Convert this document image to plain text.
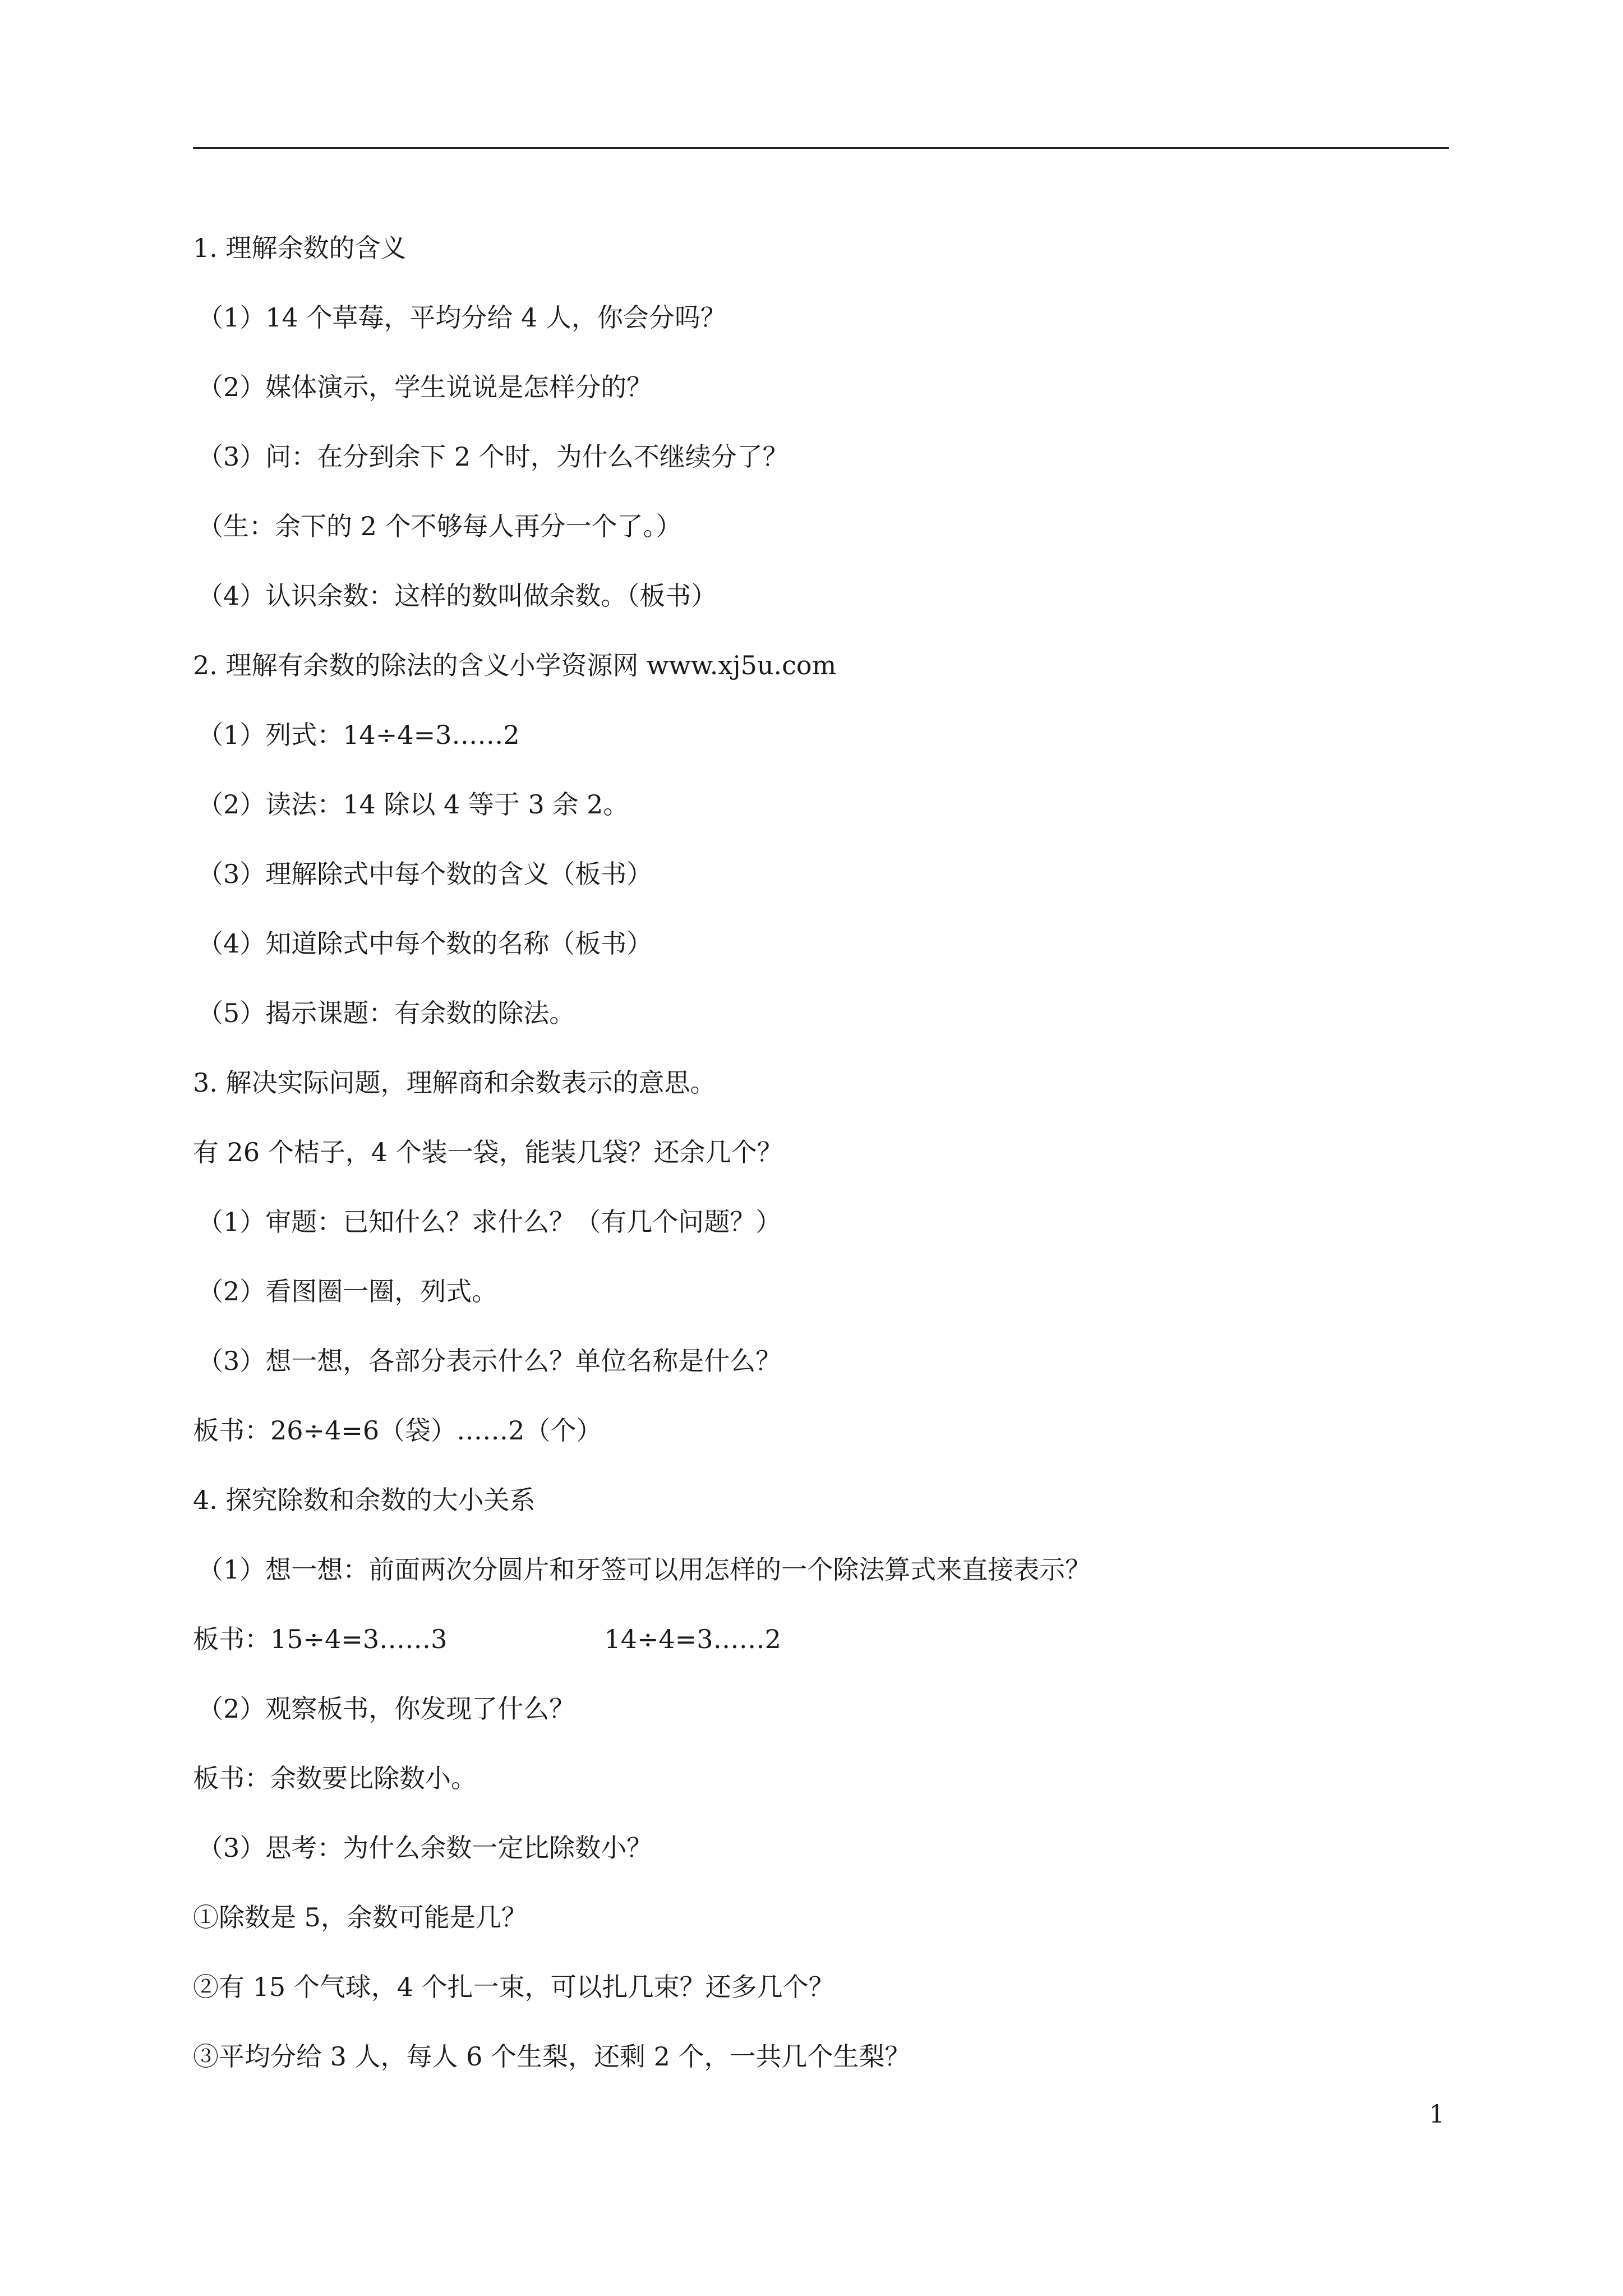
1. 理解余数的含义
（1）14 个草莓，平均分给 4 人，你会分吗？
（2）媒体演示，学生说说是怎样分的？
（3）问：在分到余下 2 个时，为什么不继续分了？
（生：余下的 2 个不够每人再分一个了。）
（4）认识余数：这样的数叫做余数。（板书）
2. 理解有余数的除法的含义小学资源网 www.xj5u.com
（1）列式：14÷4=3……2
（2）读法：14 除以 4 等于 3 余 2。
（3）理解除式中每个数的含义（板书）
（4）知道除式中每个数的名称（板书）
（5）揭示课题：有余数的除法。
3. 解决实际问题，理解商和余数表示的意思。
有 26 个桔子，4 个装一袋，能装几袋？还余几个？
（1）审题：已知什么？求什么？（有几个问题？）
（2）看图圈一圈，列式。
（3）想一想，各部分表示什么？单位名称是什么？
板书：26÷4=6（袋）……2（个）
4. 探究除数和余数的大小关系
（1）想一想：前面两次分圆片和牙签可以用怎样的一个除法算式来直接表示？
板书：15÷4=3……3	14÷4=3……2
（2）观察板书，你发现了什么？
板书：余数要比除数小。
（3）思考：为什么余数一定比除数小？
①除数是 5，余数可能是几？
②有 15 个气球，4 个扎一束，可以扎几束？还多几个？
③平均分给 3 人，每人 6 个生梨，还剩 2 个，一共几个生梨？
1
